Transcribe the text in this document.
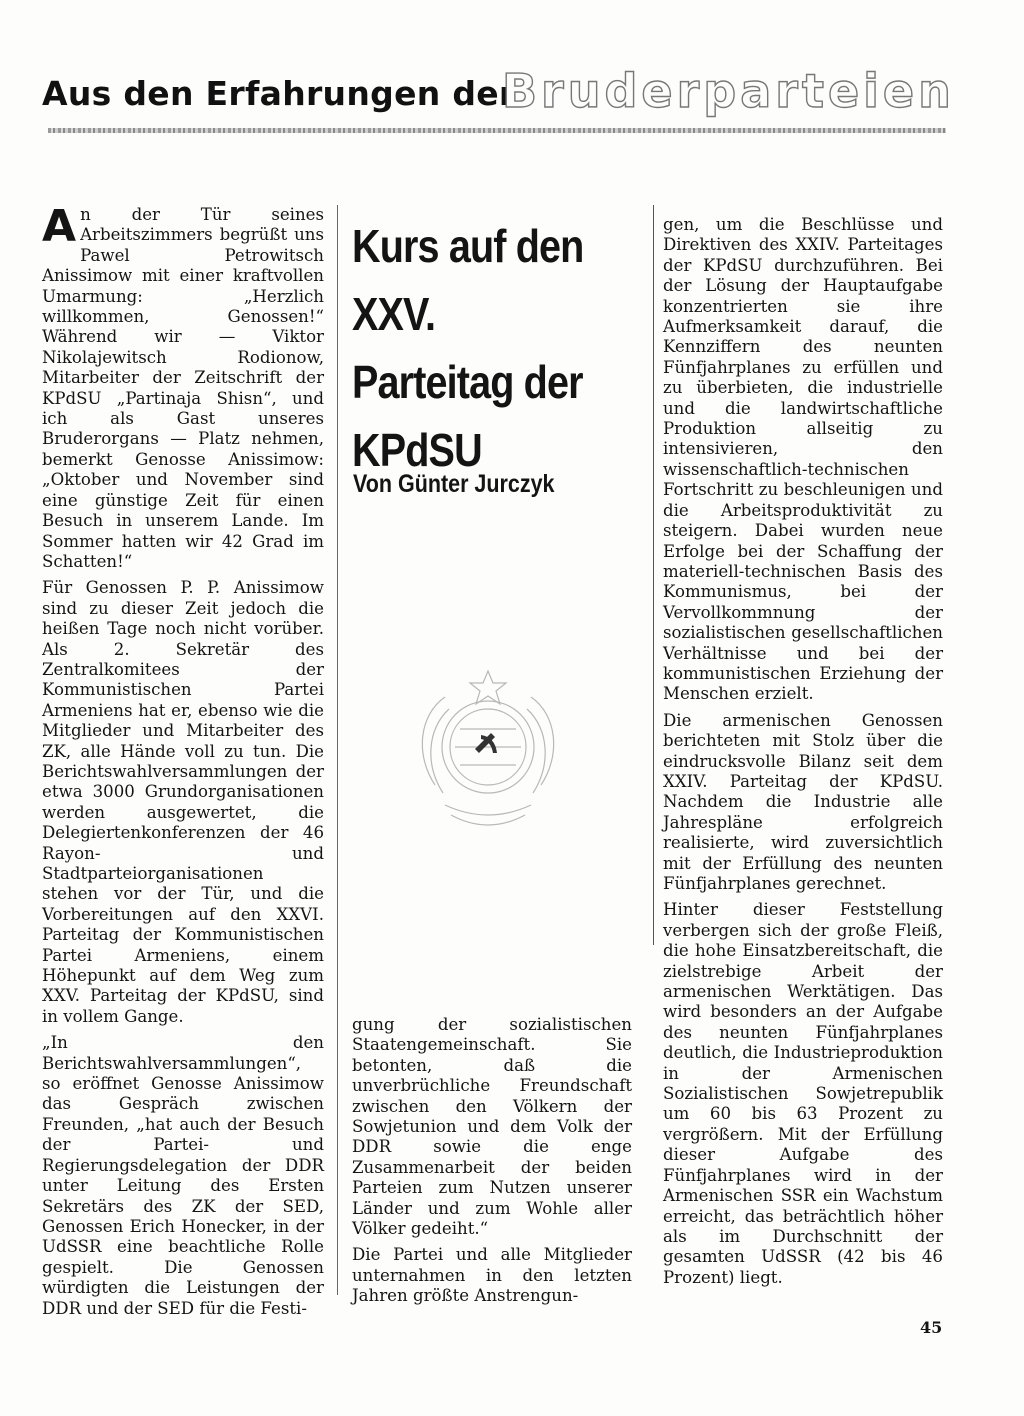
Aus den Erfahrungen der
Bruderparteien

An der Tür seines Arbeitszimmers begrüßt uns Pawel Petrowitsch Anissimow mit einer kraftvollen Umarmung: „Herzlich willkommen, Genossen!“ Während wir — Viktor Nikolajewitsch Rodionow, Mitarbeiter der Zeitschrift der KPdSU „Partinaja Shisn“, und ich als Gast unseres Bruderorgans — Platz nehmen, bemerkt Genosse Anissimow: „Oktober und November sind eine günstige Zeit für einen Besuch in unserem Lande. Im Sommer hatten wir 42 Grad im Schatten!“

Für Genossen P. P. Anissimow sind zu dieser Zeit jedoch die heißen Tage noch nicht vorüber. Als 2. Sekretär des Zentralkomitees der Kommunistischen Partei Armeniens hat er, ebenso wie die Mitglieder und Mitarbeiter des ZK, alle Hände voll zu tun. Die Berichtswahlversammlungen der etwa 3000 Grundorganisationen werden ausgewertet, die Delegiertenkonferenzen der 46 Rayon- und Stadtparteiorganisationen stehen vor der Tür, und die Vorbereitungen auf den XXVI. Parteitag der Kommunistischen Partei Armeniens, einem Höhepunkt auf dem Weg zum XXV. Parteitag der KPdSU, sind in vollem Gange.

„In den Berichtswahlversammlungen“, so eröffnet Genosse Anissimow das Gespräch zwischen Freunden, „hat auch der Besuch der Partei- und Regierungsdelegation der DDR unter Leitung des Ersten Sekretärs des ZK der SED, Genossen Erich Honecker, in der UdSSR eine beachtliche Rolle gespielt. Die Genossen würdigten die Leistungen der DDR und der SED für die Festi-

Kurs auf den XXV. Parteitag der KPdSU
Von Günter Jurczyk

gung der sozialistischen Staatengemeinschaft. Sie betonten, daß die unverbrüchliche Freundschaft zwischen den Völkern der Sowjetunion und dem Volk der DDR sowie die enge Zusammenarbeit der beiden Parteien zum Nutzen unserer Länder und zum Wohle aller Völker gedeiht.“

Die Partei und alle Mitglieder unternahmen in den letzten Jahren größte Anstrengun-

gen, um die Beschlüsse und Direktiven des XXIV. Parteitages der KPdSU durchzuführen. Bei der Lösung der Hauptaufgabe konzentrierten sie ihre Aufmerksamkeit darauf, die Kennziffern des neunten Fünfjahrplanes zu erfüllen und zu überbieten, die industrielle und die landwirtschaftliche Produktion allseitig zu intensivieren, den wissenschaftlich-technischen Fortschritt zu beschleunigen und die Arbeitsproduktivität zu steigern. Dabei wurden neue Erfolge bei der Schaffung der materiell-technischen Basis des Kommunismus, bei der Vervollkommnung der sozialistischen gesellschaftlichen Verhältnisse und bei der kommunistischen Erziehung der Menschen erzielt.

Die armenischen Genossen berichteten mit Stolz über die eindrucksvolle Bilanz seit dem XXIV. Parteitag der KPdSU. Nachdem die Industrie alle Jahrespläne erfolgreich realisierte, wird zuversichtlich mit der Erfüllung des neunten Fünfjahrplanes gerechnet.

Hinter dieser Feststellung verbergen sich der große Fleiß, die hohe Einsatzbereitschaft, die zielstrebige Arbeit der armenischen Werktätigen. Das wird besonders an der Aufgabe des neunten Fünfjahrplanes deutlich, die Industrieproduktion in der Armenischen Sozialistischen Sowjetrepublik um 60 bis 63 Prozent zu vergrößern. Mit der Erfüllung dieser Aufgabe des Fünfjahrplanes wird in der Armenischen SSR ein Wachstum erreicht, das beträchtlich höher als im Durchschnitt der gesamten UdSSR (42 bis 46 Prozent) liegt.

45
